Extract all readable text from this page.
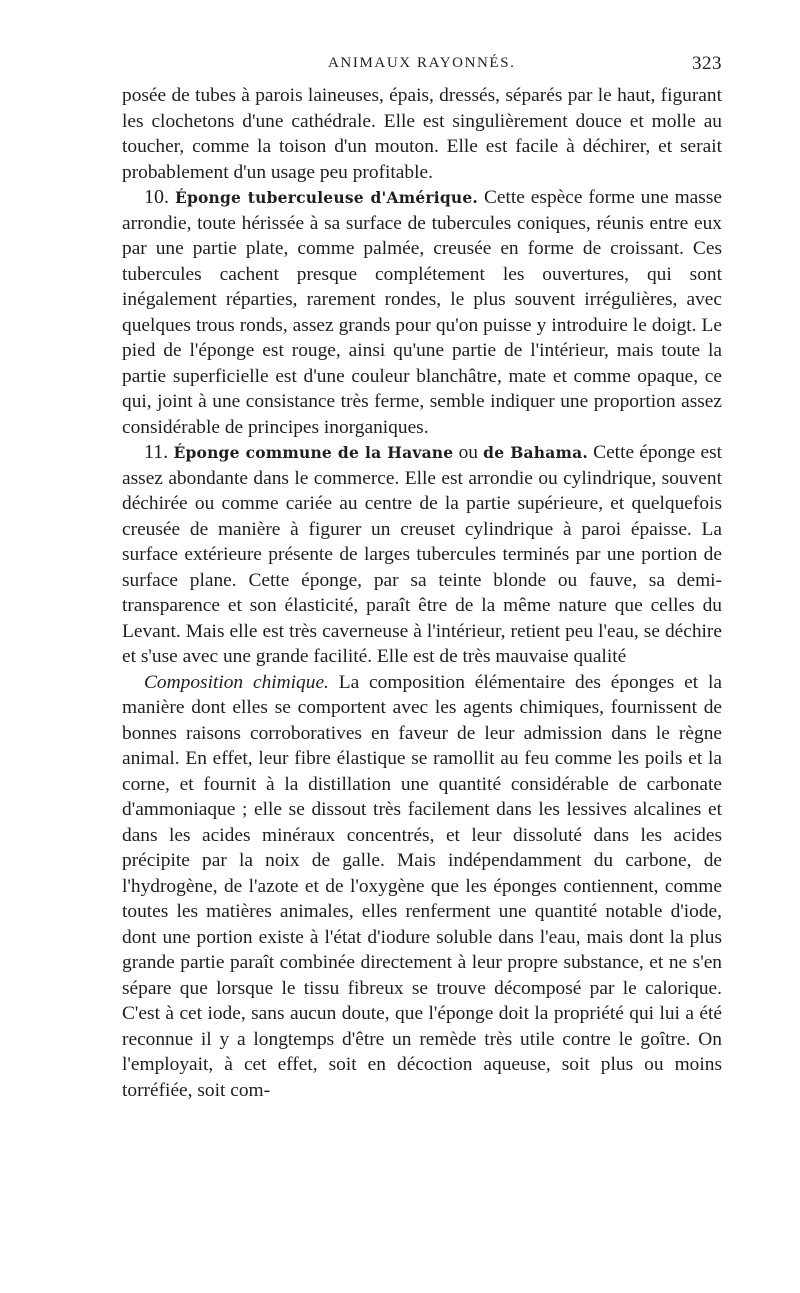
ANIMAUX RAYONNÉS.	323

posée de tubes à parois laineuses, épais, dressés, séparés par le haut, figurant les clochetons d'une cathédrale. Elle est singulièrement douce et molle au toucher, comme la toison d'un mouton. Elle est facile à déchirer, et serait probablement d'un usage peu profitable.

10. Éponge tuberculeuse d'Amérique. Cette espèce forme une masse arrondie, toute hérissée à sa surface de tubercules coniques, réunis entre eux par une partie plate, comme palmée, creusée en forme de croissant. Ces tubercules cachent presque complétement les ouvertures, qui sont inégalement réparties, rarement rondes, le plus souvent irrégulières, avec quelques trous ronds, assez grands pour qu'on puisse y introduire le doigt. Le pied de l'éponge est rouge, ainsi qu'une partie de l'intérieur, mais toute la partie superficielle est d'une couleur blanchâtre, mate et comme opaque, ce qui, joint à une consistance très ferme, semble indiquer une proportion assez considérable de principes inorganiques.

11. Éponge commune de la Havane ou de Bahama. Cette éponge est assez abondante dans le commerce. Elle est arrondie ou cylindrique, souvent déchirée ou comme cariée au centre de la partie supérieure, et quelquefois creusée de manière à figurer un creuset cylindrique à paroi épaisse. La surface extérieure présente de larges tubercules terminés par une portion de surface plane. Cette éponge, par sa teinte blonde ou fauve, sa demi-transparence et son élasticité, paraît être de la même nature que celles du Levant. Mais elle est très caverneuse à l'intérieur, retient peu l'eau, se déchire et s'use avec une grande facilité. Elle est de très mauvaise qualité

Composition chimique. La composition élémentaire des éponges et la manière dont elles se comportent avec les agents chimiques, fournissent de bonnes raisons corroboratives en faveur de leur admission dans le règne animal. En effet, leur fibre élastique se ramollit au feu comme les poils et la corne, et fournit à la distillation une quantité considérable de carbonate d'ammoniaque ; elle se dissout très facilement dans les lessives alcalines et dans les acides minéraux concentrés, et leur dissoluté dans les acides précipite par la noix de galle. Mais indépendamment du carbone, de l'hydrogène, de l'azote et de l'oxygène que les éponges contiennent, comme toutes les matières animales, elles renferment une quantité notable d'iode, dont une portion existe à l'état d'iodure soluble dans l'eau, mais dont la plus grande partie paraît combinée directement à leur propre substance, et ne s'en sépare que lorsque le tissu fibreux se trouve décomposé par le calorique. C'est à cet iode, sans aucun doute, que l'éponge doit la propriété qui lui a été reconnue il y a longtemps d'être un remède très utile contre le goître. On l'employait, à cet effet, soit en décoction aqueuse, soit plus ou moins torréfiée, soit com-
